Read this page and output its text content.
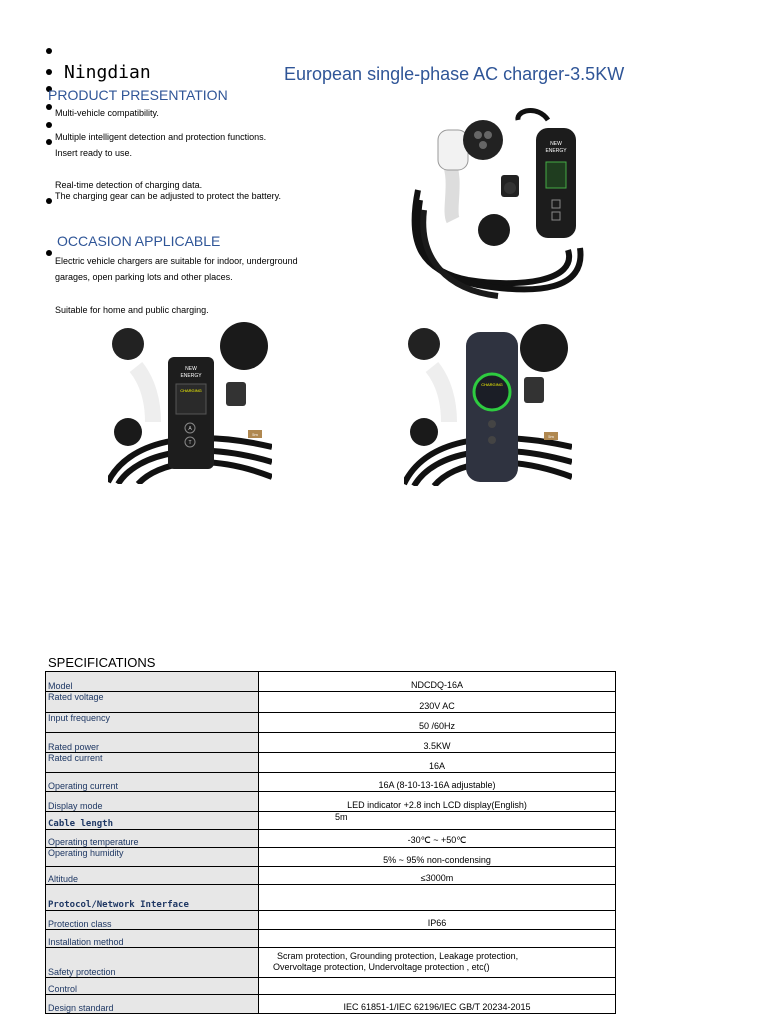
Ningdian	European single-phase AC charger-3.5KW
PRODUCT PRESENTATION
Multi-vehicle compatibility.
Multiple intelligent detection and protection functions.
Insert ready to use.
Real-time detection of charging data.
The charging gear can be adjusted to protect the battery.
OCCASION APPLICABLE
Electric vehicle chargers are suitable for indoor, underground
garages, open parking lots and other places.
Suitable for home and public charging.
NEW
ENERGY
NEW
ENERGY
CHARGING
A
T
5m
CHARGING
5m
SPECIFICATIONS
Model	NDCDQ-16A
Rated voltage	230V AC
Input frequency	50 /60Hz
Rated power	3.5KW
Rated current	16A
Operating current	16A (8-10-13-16A adjustable)
Display mode	LED indicator +2.8 inch LCD display(English)
Cable length	5m
Operating temperature	-30℃ ~ +50℃
Operating humidity	5% ~ 95% non-condensing
Altitude	≤3000m
Protocol/Network Interface	
Protection class	IP66
Installation method	
Safety protection	Scram protection, Grounding protection, Leakage protection,
Overvoltage protection, Undervoltage protection , etc()

Control	
Design standard	IEC 61851-1/IEC 62196/IEC GB/T 20234-2015
